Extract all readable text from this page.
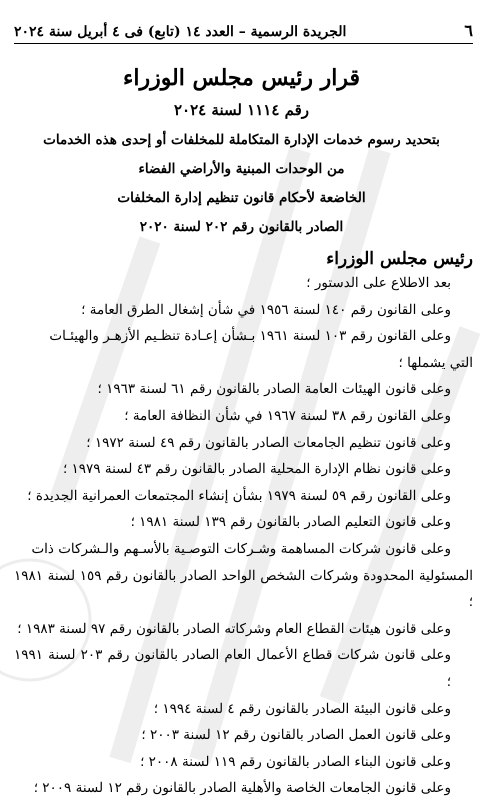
٦
الجريدة الرسمية – العدد ١٤ (تابع) فى ٤ أبريل سنة ٢٠٢٤
قرار رئيس مجلس الوزراء
رقم ١١١٤ لسنة ٢٠٢٤
بتحديد رسوم خدمات الإدارة المتكاملة للمخلفات أو إحدى هذه الخدمات
من الوحدات المبنية والأراضي الفضاء
الخاضعة لأحكام قانون تنظيم إدارة المخلفات
الصادر بالقانون رقم ٢٠٢ لسنة ٢٠٢٠
رئيس مجلس الوزراء
بعد الاطلاع على الدستور ؛
وعلى القانون رقم ١٤٠ لسنة ١٩٥٦ في شأن إشغال الطرق العامة ؛
وعلى القانون رقم ١٠٣ لسنة ١٩٦١ بـشأن إعـادة تنظـيم الأزهـر والهيئـات
التي يشملها ؛
وعلى قانون الهيئات العامة الصادر بالقانون رقم ٦١ لسنة ١٩٦٣ ؛
وعلى القانون رقم ٣٨ لسنة ١٩٦٧ في شأن النظافة العامة ؛
وعلى قانون تنظيم الجامعات الصادر بالقانون رقم ٤٩ لسنة ١٩٧٢ ؛
وعلى قانون نظام الإدارة المحلية الصادر بالقانون رقم ٤٣ لسنة ١٩٧٩ ؛
وعلى القانون رقم ٥٩ لسنة ١٩٧٩ بشأن إنشاء المجتمعات العمرانية الجديدة ؛
وعلى قانون التعليم الصادر بالقانون رقم ١٣٩ لسنة ١٩٨١ ؛
وعلى قانون شركات المساهمة وشـركات التوصـية بالأسـهم والـشركات ذات
المسئولية المحدودة وشركات الشخص الواحد الصادر بالقانون رقم ١٥٩ لسنة ١٩٨١ ؛
وعلى قانون هيئات القطاع العام وشركاته الصادر بالقانون رقم ٩٧ لسنة ١٩٨٣ ؛
وعلى قانون شركات قطاع الأعمال العام الصادر بالقانون رقم ٢٠٣ لسنة ١٩٩١ ؛
وعلى قانون البيئة الصادر بالقانون رقم ٤ لسنة ١٩٩٤ ؛
وعلى قانون العمل الصادر بالقانون رقم ١٢ لسنة ٢٠٠٣ ؛
وعلى قانون البناء الصادر بالقانون رقم ١١٩ لسنة ٢٠٠٨ ؛
وعلى قانون الجامعات الخاصة والأهلية الصادر بالقانون رقم ١٢ لسنة ٢٠٠٩ ؛
